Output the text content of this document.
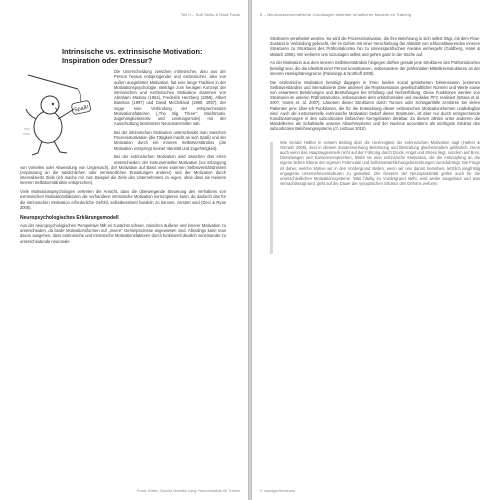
Teil II – Soft Skills & Hard Facts
Intrinsische vs. extrinsische Motivation: Inspiration oder Dressur?
Spaß!

Die Unterscheidung zwischen intrinsischer, also aus der Person heraus entspringender und extrinsischer, also von außen ausgelöster Motivation, hat eine lange Tradition in der Motivationspsychologie. Beiträge zum heutigen Konzept der intrinsischen und extrinsischen Motivation stammen von Abraham Maslow (1954), Frederick Herzberg (1959), Albert Bandura (1997) und David McClelland (1980, 1987), der sogar eine Verbindung der entsprechenden Motivationsfaktoren („The Big Three“: Machtmotiv, Zugehörigkeitsmotiv und Leistungsmotiv) mit der Ausschüttung bestimmter Neurotransmitter sah.

Bei der intrinsischen Motivation unterscheidet man zwischen Prozessmotivation (die Tätigkeit macht an sich Spaß) und der Motivation durch ein inneres Selbstverständnis (die Motivation entspringt meiner Identität und Zugehörigkeit).

Bei der extrinsischen Motivation wird zwischen drei Arten unterschieden: der instrumentellen Motivation (zur Erlangung von Vorteilen oder Abwendung von Ungemach), der Motivation auf Basis eines externen Selbstverständnisses (Anpassung an die tatsächlichen oder vermeintlichen Erwartungen anderer) und der Motivation durch internalisierte Ziele (ich mache mir zum Beispiel die Ziele des Unternehmens zu eigen, ohne dass sie meinem inneren Selbstverständnis entsprechen).

Viele Motivationspsychologen vertreten die Ansicht, dass die überwiegende Steuerung des Verhaltens von extrinsischen Motivationsfaktoren die vorhandene intrinsische Motivation korrumpieren kann, da dadurch das für die intrinsischen Motivation erforderliche Gefühl, selbstbestimmt handeln zu können, zerstört wird (Deci & Ryan 2008).

Neuropsychologisches Erklärungsmodell

Aus der neuropsychologischen Perspektive fällt es zunächst schwer, zwischen äußerer und innerer Motivation zu unterscheiden, da beide Motivationsformen auf „innere“ Gehirnprozesse angewiesen sind. Allerdings kann man davon ausgehen, dass extrinsische und intrinsische Motivationsfaktoren durch funktionell deutlich voneinander zu unterscheidende neuronale

Franz Hütter, Sandra Mareike Lang: Neurodidaktik für Trainer
5 – Neurowissenschaftliche Grundlagen beliebter inhaltlicher Modelle im Training

Strukturen verarbeitet werden. So wird die Prozessmotivation, die ihre Belohnung in sich selbst trägt, mit dem Flow-Zustand in Verbindung gebracht, der im Gehirn mit einer Verschiebung der Aktivität von Ichkonstituierenden inneren Strukturen zu Strukturen des Präfrontalcortex hin zu sinnesspezifischen Arealen einhergeht (Goldberg, Harel & Malach 2006). Wir verlieren uns sozusagen selbst und gehen ganz in der Sache auf.

An der Motivation aus dem inneren Selbstverständnis hingegen dürften gerade jene Strukturen des Präfrontalcortex beteiligt sein, die die Identität einer Person konstituieren, insbesondere der präfrontalen Mittellinienstrukturen an der inneren Hemisphärengrenze (Panksepp & Northoff 2009).

Die extrinsische Motivation benötigt dagegen in ihren beiden sozial getriebenen Dimensionen (externes Selbstverständnis und internalisierte Ziele anderer) die Repräsentation gesellschaftlicher Normen und Werte sowie von erwarteten Belohnungen und Bestrafungen bei Erfüllung und Nichterfüllung. Diese Funktionen werden von Strukturen im unteren Präfrontalcortex, insbesondere dem orbitofrontalen und medialen PFC realisiert (Wrase et al. 2007, Harris et. al. 2007). Läsionen dieser Strukturen durch Tumore oder Schlaganfälle zerstören bei vielen Patienten jene Über-Ich-Funktionen, die für die Entwicklung dieser extrinsischen Motivationsformen unabdingbar sind. Auch die instrumentelle extrinsische Motivation bedarf dieser Strukturen, ist aber nur durch entsprechende Konditionierungen in den subcorticalen limbischen Kerngebieten denkbar. Zu diesen zählen unter anderem die Mandelkerne als Schaltstelle unseres Abwehrsystems und der Nucleus accumbens als wichtigste Struktur des subcorticalen Belohnungssystems (cf. LeDoux 2010).

Wie Gerald Hüther in seinem Beitrag über die Unsinnigkeit der extrinsischen Motivation sagt (Hüther & Osmetz 2009), sind in diesem Zusammenhang Belohnung und Bestrafung gleichermaßen gefährlich. Denn auch wenn das Hauptaugenmerk nicht auf der Führung durch Druck, Angst und Stress liegt, sondern auf Boni, Dienstwagen und Karriereversprechen, bleibt sie eine extrinsische Motivation, die die Anknüpfung an die eigene tiefere Ebene der eigenen Potenziale und Selbstverwirklichungsbestrebungen zurückdrängt. Die Frage ist daher, welche Motive wir in den Vordergrund stellen, wenn wir uns darum bemühen, letztlich langfristig engagierte Unternehmenskulturen zu gestalten. Die Gesetze der Neuroplastizität gelten auch für die unterschiedlichen Motivationssysteme: Was häufig im Vordergrund steht, wird weiter ausgebaut und was vernachlässigt wird, geht auf die Dauer der synaptischen Struktur des Gehirns verloren.

© managerSeminare
